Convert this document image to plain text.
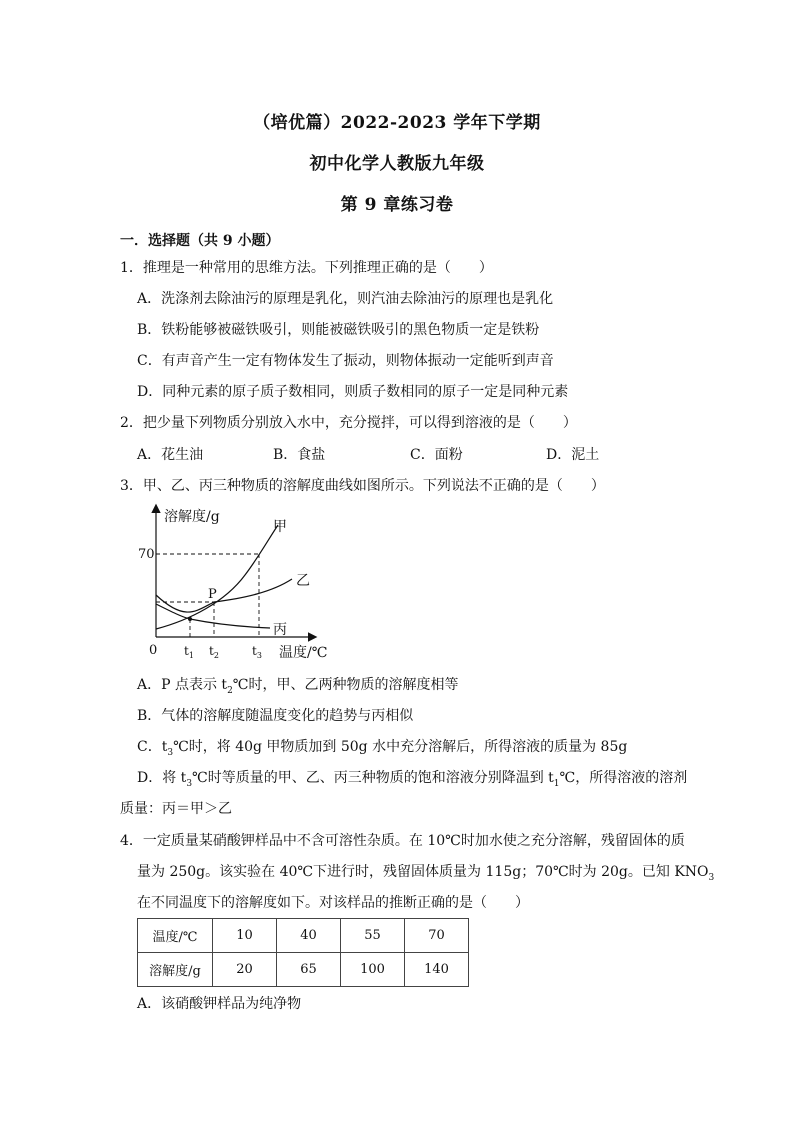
（培优篇）2022-2023 学年下学期
初中化学人教版九年级
第 9 章练习卷
一．选择题（共 9 小题）
1．推理是一种常用的思维方法。下列推理正确的是（　　）
A．洗涤剂去除油污的原理是乳化，则汽油去除油污的原理也是乳化
B．铁粉能够被磁铁吸引，则能被磁铁吸引的黑色物质一定是铁粉
C．有声音产生一定有物体发生了振动，则物体振动一定能听到声音
D．同种元素的原子质子数相同，则质子数相同的原子一定是同种元素
2．把少量下列物质分别放入水中，充分搅拌，可以得到溶液的是（　　）
A．花生油	B．食盐	C．面粉	D．泥土
3．甲、乙、丙三种物质的溶解度曲线如图所示。下列说法不正确的是（　　）
溶解度/g
温度/℃
0
70
P
甲
乙
丙
$t_1$ $t_2$	$t_3$
A．P 点表示 $t_2℃$时，甲、乙两种物质的溶解度相等
B．气体的溶解度随温度变化的趋势与丙相似
C．$t_3℃$时，将 40g 甲物质加到 50g 水中充分溶解后，所得溶液的质量为 85g
D．将 $t_3℃$时等质量的甲、乙、丙三种物质的饱和溶液分别降温到 $t_1℃$，所得溶液的溶剂
质量：丙＝甲＞乙
4．一定质量某硝酸钾样品中不含可溶性杂质。在 10℃时加水使之充分溶解，残留固体的质
量为 250g。该实验在 40℃下进行时，残留固体质量为 115g；70℃时为 20g。已知 $KNO_3$
在不同温度下的溶解度如下。对该样品的推断正确的是（　　）
温度/℃	10	40	55	70
溶解度/g	20	65	100	140
A．该硝酸钾样品为纯净物
